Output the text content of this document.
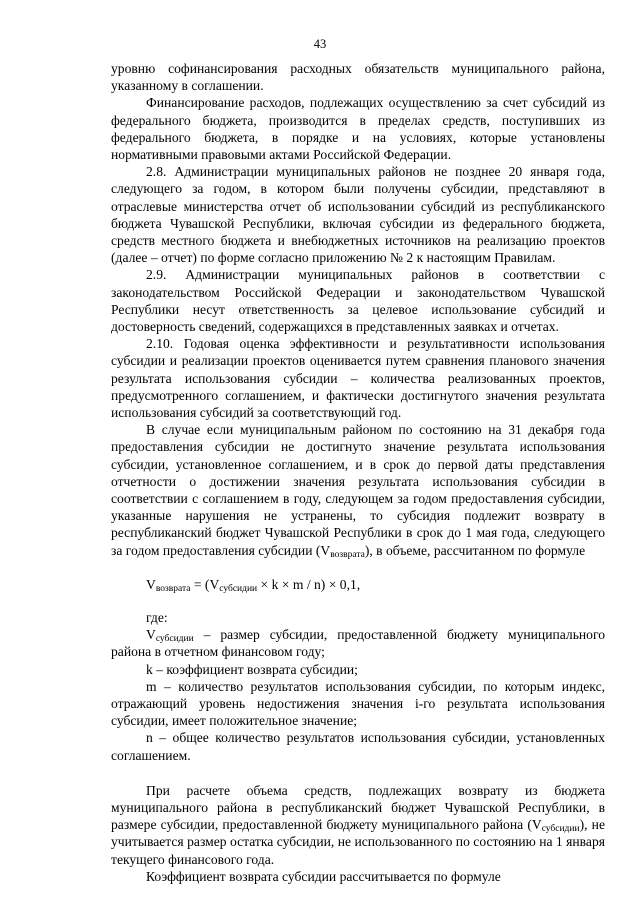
43

уровню софинансирования расходных обязательств муниципального района, указанному в соглашении.

Финансирование расходов, подлежащих осуществлению за счет субсидий из федерального бюджета, производится в пределах средств, поступивших из федерального бюджета, в порядке и на условиях, которые установлены нормативными правовыми актами Российской Федерации.

2.8. Администрации муниципальных районов не позднее 20 января года, следующего за годом, в котором были получены субсидии, представляют в отраслевые министерства отчет об использовании субсидий из республиканского бюджета Чувашской Республики, включая субсидии из федерального бюджета, средств местного бюджета и внебюджетных источников на реализацию проектов (далее – отчет) по форме согласно приложению № 2 к настоящим Правилам.

2.9. Администрации муниципальных районов в соответствии с законодательством Российской Федерации и законодательством Чувашской Республики несут ответственность за целевое использование субсидий и достоверность сведений, содержащихся в представленных заявках и отчетах.

2.10. Годовая оценка эффективности и результативности использования субсидии и реализации проектов оценивается путем сравнения планового значения результата использования субсидии – количества реализованных проектов, предусмотренного соглашением, и фактически достигнутого значения результата использования субсидий за соответствующий год.

В случае если муниципальным районом по состоянию на 31 декабря года предоставления субсидии не достигнуто значение результата использования субсидии, установленное соглашением, и в срок до первой даты представления отчетности о достижении значения результата использования субсидии в соответствии с соглашением в году, следующем за годом предоставления субсидии, указанные нарушения не устранены, то субсидия подлежит возврату в республиканский бюджет Чувашской Республики в срок до 1 мая года, следующего за годом предоставления субсидии $(V_{возврата})$, в объеме, рассчитанном по формуле

$V_{возврата} = (V_{субсидии} \times k \times m / n) \times 0,1$,

где:

$V_{субсидии}$ – размер субсидии, предоставленной бюджету муниципального района в отчетном финансовом году;

k – коэффициент возврата субсидии;

m – количество результатов использования субсидии, по которым индекс, отражающий уровень недостижения значения i-го результата использования субсидии, имеет положительное значение;

n – общее количество результатов использования субсидии, установленных соглашением.

При расчете объема средств, подлежащих возврату из бюджета муниципального района в республиканский бюджет Чувашской Республики, в размере субсидии, предоставленной бюджету муниципального района $(V_{субсидии})$, не учитывается размер остатка субсидии, не использованного по состоянию на 1 января текущего финансового года.

Коэффициент возврата субсидии рассчитывается по формуле
